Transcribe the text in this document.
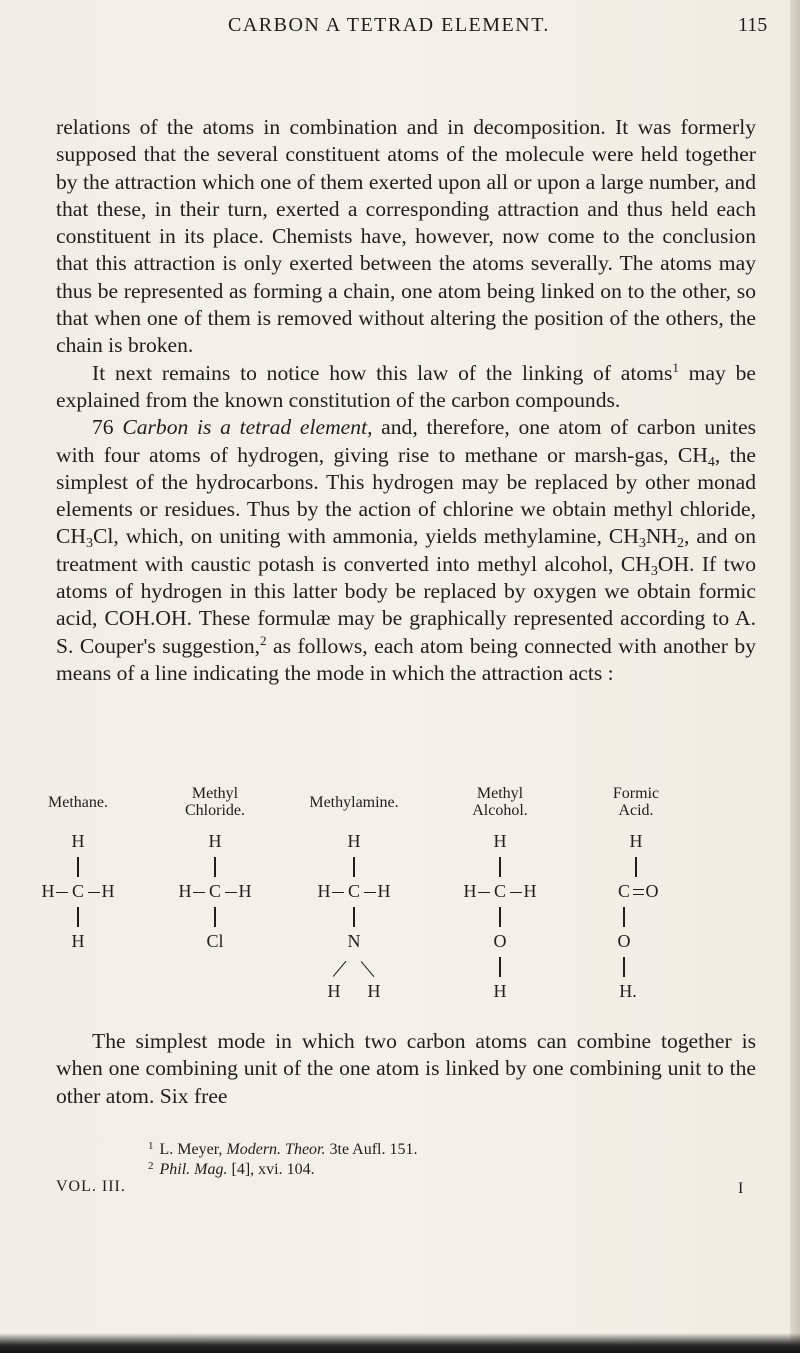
CARBON A TETRAD ELEMENT.	115

relations of the atoms in combination and in decomposition. It was formerly supposed that the several constituent atoms of the molecule were held together by the attraction which one of them exerted upon all or upon a large number, and that these, in their turn, exerted a corresponding attraction and thus held each constituent in its place. Chemists have, however, now come to the conclusion that this attraction is only exerted between the atoms severally. The atoms may thus be represented as forming a chain, one atom being linked on to the other, so that when one of them is removed without altering the position of the others, the chain is broken.

It next remains to notice how this law of the linking of atoms$^1$ may be explained from the known constitution of the carbon compounds.

76 Carbon is a tetrad element, and, therefore, one atom of carbon unites with four atoms of hydrogen, giving rise to methane or marsh-gas, $CH_4$, the simplest of the hydrocarbons. This hydrogen may be replaced by other monad elements or residues. Thus by the action of chlorine we obtain methyl chloride, $CH_3Cl$, which, on uniting with ammonia, yields methylamine, $CH_3NH_2$, and on treatment with caustic potash is converted into methyl alcohol, $CH_3OH$. If two atoms of hydrogen in this latter body be replaced by oxygen we obtain formic acid, COH.OH. These formulæ may be graphically represented according to A. S. Couper's suggestion,$^2$ as follows, each atom being connected with another by means of a line indicating the mode in which the attraction acts :

Methane.
H
H C H
H
Methyl
Chloride.
H
H C H
Cl
Methylamine.
H
H C H
N
H H
Methyl
Alcohol.
H
H C H
O
H
Formic
Acid.
H
C O
O
H.

The simplest mode in which two carbon atoms can combine together is when one combining unit of the one atom is linked by one combining unit to the other atom. Six free

$^1$ L. Meyer, Modern. Theor. 3te Aufl. 151.
$^2$ Phil. Mag. [4], xvi. 104.
VOL. III.	I
